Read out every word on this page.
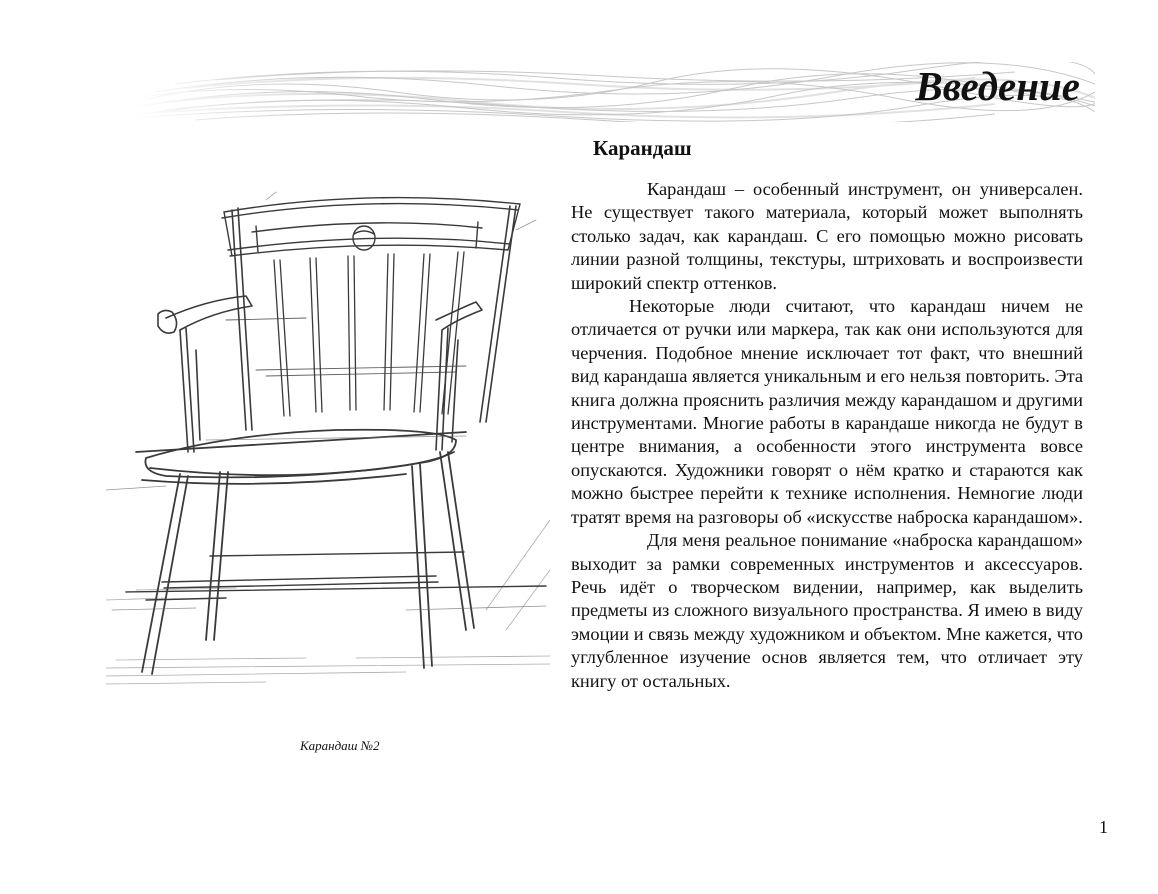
Введение
Карандаш

Карандаш – особенный инструмент, он универсален. Не существует такого материала, который может выполнять столько задач, как карандаш. С его помощью можно рисовать линии разной толщины, текстуры, штриховать и воспроизвести широкий спектр оттенков.

Некоторые люди считают, что карандаш ничем не отличается от ручки или маркера, так как они используются для черчения. Подобное мнение исключает тот факт, что внешний вид карандаша является уникальным и его нельзя повторить. Эта книга должна прояснить различия между карандашом и другими инструментами. Многие работы в карандаше никогда не будут в центре внимания, а особенности этого инструмента вовсе опускаются. Художники говорят о нём кратко и стараются как можно быстрее перейти к технике исполнения. Немногие люди тратят время на разговоры об «искусстве наброска карандашом».

Для меня реальное понимание «наброска карандашом» выходит за рамки современных инструментов и аксессуаров. Речь идёт о творческом видении, например, как выделить предметы из сложного визуального пространства. Я имею в виду эмоции и связь между художником и объектом. Мне кажется, что углубленное изучение основ является тем, что отличает эту книгу от остальных.

Карандаш №2

1
